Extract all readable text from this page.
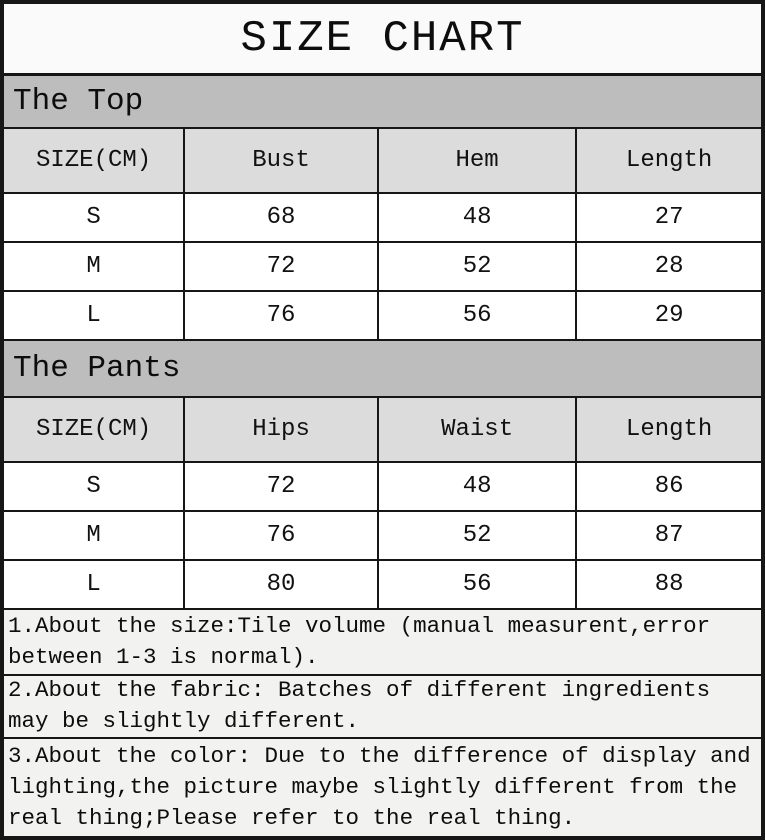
SIZE CHART
The Top
SIZE(CM)	Bust	Hem	Length
S	68	48	27
M	72	52	28
L	76	56	29
The Pants
SIZE(CM)	Hips	Waist	Length
S	72	48	86
M	76	52	87
L	80	56	88
1.About the size:Tile volume (manual measurent,error between 1-3 is normal).
2.About the fabric: Batches of different ingredients may be slightly different.
3.About the color: Due to the difference of display and lighting,the picture maybe slightly different from the real thing;Please refer to the real thing.
